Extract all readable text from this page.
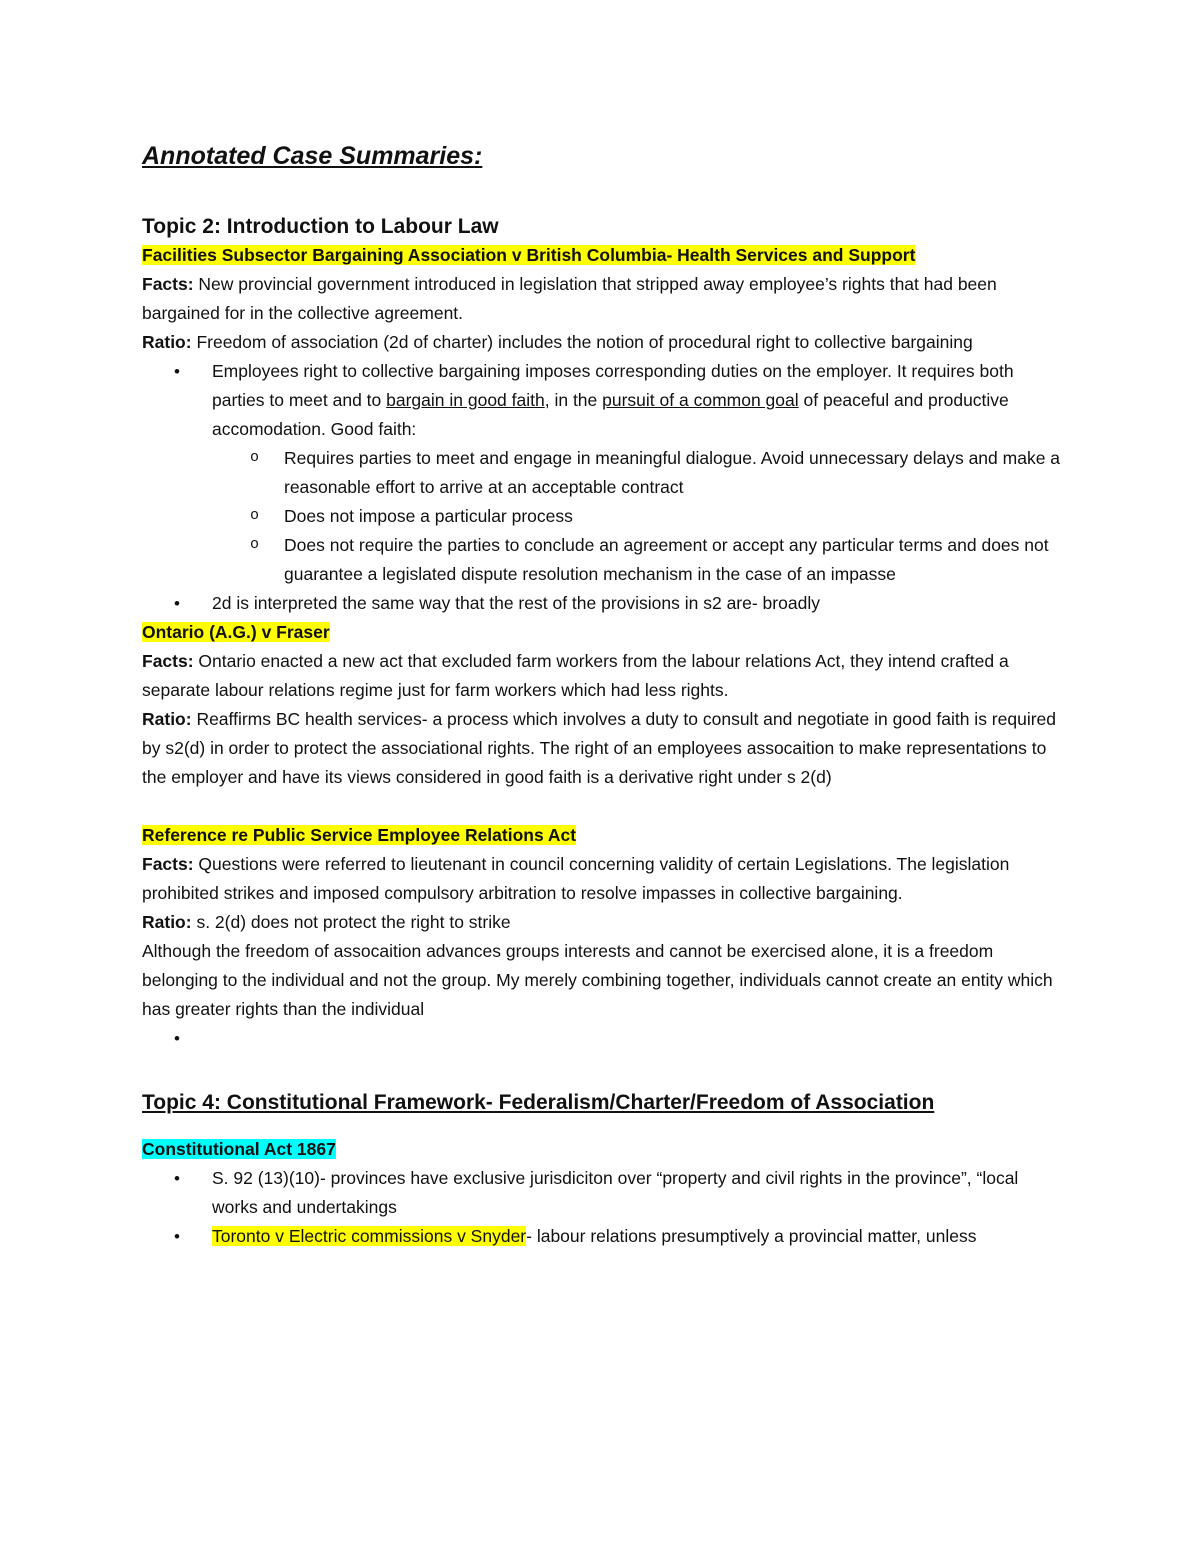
Annotated Case Summaries:
Topic 2: Introduction to Labour Law
Facilities Subsector Bargaining Association v British Columbia- Health Services and Support

Facts: New provincial government introduced in legislation that stripped away employee’s rights that had been bargained for in the collective agreement.

Ratio: Freedom of association (2d of charter) includes the notion of procedural right to collective bargaining

• Employees right to collective bargaining imposes corresponding duties on the employer. It requires both parties to meet and to bargain in good faith, in the pursuit of a common goal of peaceful and productive accomodation. Good faith:
o Requires parties to meet and engage in meaningful dialogue. Avoid unnecessary delays and make a reasonable effort to arrive at an acceptable contract
o Does not impose a particular process
o Does not require the parties to conclude an agreement or accept any particular terms and does not guarantee a legislated dispute resolution mechanism in the case of an impasse
• 2d is interpreted the same way that the rest of the provisions in s2 are- broadly
Ontario (A.G.) v Fraser

Facts: Ontario enacted a new act that excluded farm workers from the labour relations Act, they intend crafted a separate labour relations regime just for farm workers which had less rights.

Ratio: Reaffirms BC health services- a process which involves a duty to consult and negotiate in good faith is required by s2(d) in order to protect the associational rights. The right of an employees assocaition to make representations to the employer and have its views considered in good faith is a derivative right under s 2(d)

Reference re Public Service Employee Relations Act

Facts: Questions were referred to lieutenant in council concerning validity of certain Legislations. The legislation prohibited strikes and imposed compulsory arbitration to resolve impasses in collective bargaining.

Ratio: s. 2(d) does not protect the right to strike

Although the freedom of assocaition advances groups interests and cannot be exercised alone, it is a freedom belonging to the individual and not the group. My merely combining together, individuals cannot create an entity which has greater rights than the individual

•

Topic 4: Constitutional Framework- Federalism/Charter/Freedom of Association
Constitutional Act 1867
• S. 92 (13)(10)- provinces have exclusive jurisdiciton over “property and civil rights in the province”, “local works and undertakings
• Toronto v Electric commissions v Snyder- labour relations presumptively a provincial matter, unless
